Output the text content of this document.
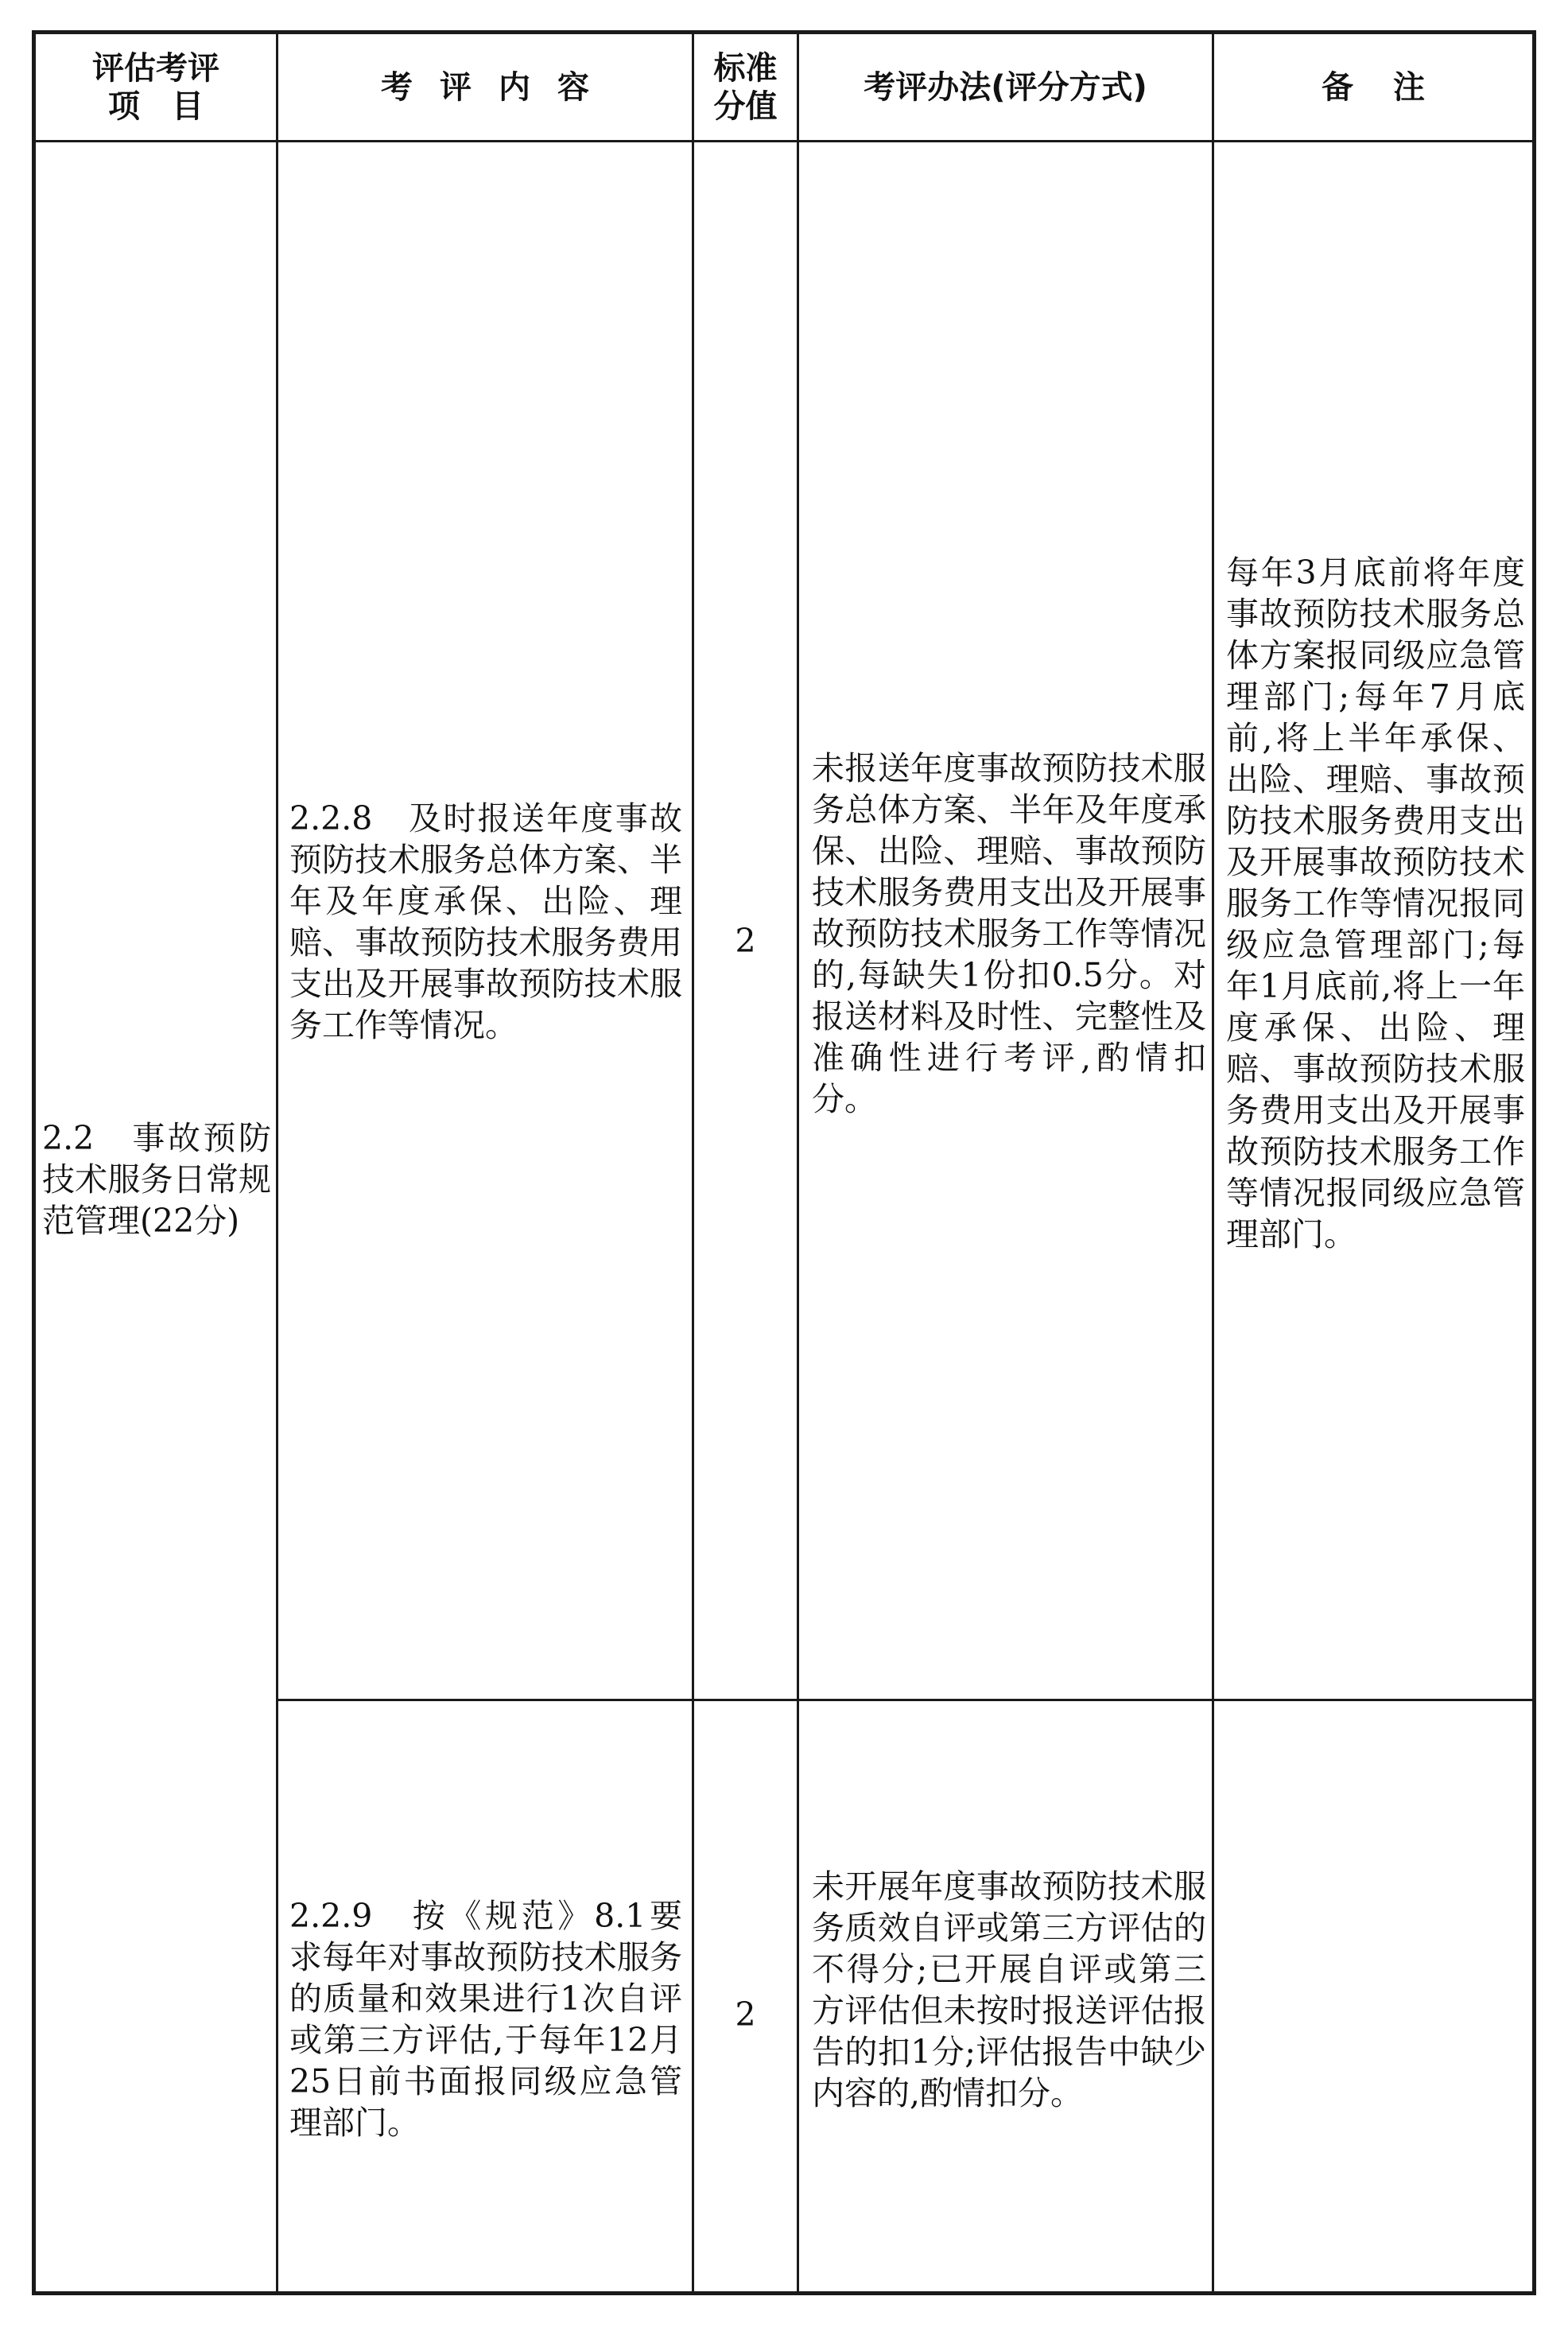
评估考评
项　目
考评内容
标准
分值
考评办法(评分方式)	备注
2.2　事故预防技术服务日常规范管理(22分)
2.2.8　及时报送年度事故预防技术服务总体方案、半年及年度承保、出险、理赔、事故预防技术服务费用支出及开展事故预防技术服务工作等情况。
2
未报送年度事故预防技术服务总体方案、半年及年度承保、出险、理赔、事故预防技术服务费用支出及开展事故预防技术服务工作等情况的,每缺失1份扣0.5分。对报送材料及时性、完整性及准确性进行考评,酌情扣分。
每年3月底前将年度事故预防技术服务总体方案报同级应急管理部门;每年7月底前,将上半年承保、出险、理赔、事故预防技术服务费用支出及开展事故预防技术服务工作等情况报同级应急管理部门;每年1月底前,将上一年度承保、出险、理赔、事故预防技术服务费用支出及开展事故预防技术服务工作等情况报同级应急管理部门。
2.2.9　按《规范》8.1要求每年对事故预防技术服务的质量和效果进行1次自评或第三方评估,于每年12月25日前书面报同级应急管理部门。
2
未开展年度事故预防技术服务质效自评或第三方评估的不得分;已开展自评或第三方评估但未按时报送评估报告的扣1分;评估报告中缺少内容的,酌情扣分。
